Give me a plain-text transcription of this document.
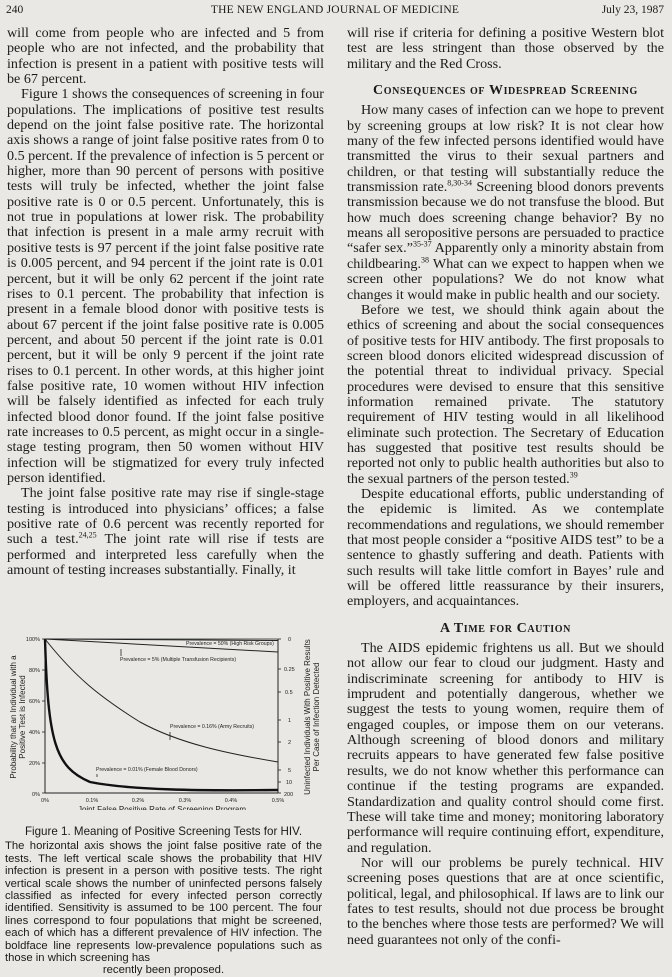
240	THE NEW ENGLAND JOURNAL OF MEDICINE	July 23, 1987

will come from people who are infected and 5 from people who are not infected, and the probability that infection is present in a patient with positive tests will be 67 percent.

Figure 1 shows the consequences of screening in four populations. The implications of positive test results depend on the joint false positive rate. The horizontal axis shows a range of joint false positive rates from 0 to 0.5 percent. If the prevalence of infection is 5 percent or higher, more than 90 percent of persons with positive tests will truly be infected, whether the joint false positive rate is 0 or 0.5 percent. Unfortunately, this is not true in populations at lower risk. The probability that infection is present in a male army recruit with positive tests is 97 percent if the joint false positive rate is 0.005 percent, and 94 percent if the joint rate is 0.01 percent, but it will be only 62 percent if the joint rate rises to 0.1 percent. The probability that infection is present in a female blood donor with positive tests is about 67 percent if the joint false positive rate is 0.005 percent, and about 50 percent if the joint rate is 0.01 percent, but it will be only 9 percent if the joint rate rises to 0.1 percent. In other words, at this higher joint false positive rate, 10 women without HIV infection will be falsely identified as infected for each truly infected blood donor found. If the joint false positive rate increases to 0.5 percent, as might occur in a single-stage testing program, then 50 women without HIV infection will be stigmatized for every truly infected person identified.

The joint false positive rate may rise if single-stage testing is introduced into physicians’ offices; a false positive rate of 0.6 percent was recently reported for such a test.$^{24,25}$ The joint rate will rise if tests are performed and interpreted less carefully when the amount of testing increases substantially. Finally, it

100%
80%
60%
40%
20%
0%
0%	0.1%	0.2%	0.3%	0.4%	0.5%
0
0.25
0.5
1
2
5
10
200
Prevalence = 50% (High Risk Groups)
Prevalence = 5% (Multiple Transfusion Recipients)
Prevalence = 0.16% (Army Recruits)
Prevalence = 0.01% (Female Blood Donors)
Joint False Positive Rate of Screening Program
Probability that an Individual with a Positive Test is Infected	Uninfected Individuals With Positive Results Per Case of Infection Detected
Figure 1. Meaning of Positive Screening Tests for HIV.
The horizontal axis shows the joint false positive rate of the tests. The left vertical scale shows the probability that HIV infection is present in a person with positive tests. The right vertical scale shows the number of uninfected persons falsely classified as infected for every infected person correctly identified. Sensitivity is assumed to be 100 percent. The four lines correspond to four populations that might be screened, each of which has a different prevalence of HIV infection. The boldface line represents low-prevalence populations such as those in which screening has
recently been proposed.

will rise if criteria for defining a positive Western blot test are less stringent than those observed by the military and the Red Cross.

Consequences of Widespread Screening

How many cases of infection can we hope to prevent by screening groups at low risk? It is not clear how many of the few infected persons identified would have transmitted the virus to their sexual partners and children, or that testing will substantially reduce the transmission rate.$^{8,30-34}$ Screening blood donors prevents transmission because we do not transfuse the blood. But how much does screening change behavior? By no means all seropositive persons are persuaded to practice “safer sex.”$^{35-37}$ Apparently only a minority abstain from childbearing.$^{38}$ What can we expect to happen when we screen other populations? We do not know what changes it would make in public health and our society.

Before we test, we should think again about the ethics of screening and about the social consequences of positive tests for HIV antibody. The first proposals to screen blood donors elicited widespread discussion of the potential threat to individual privacy. Special procedures were devised to ensure that this sensitive information remained private. The statutory requirement of HIV testing would in all likelihood eliminate such protection. The Secretary of Education has suggested that positive test results should be reported not only to public health authorities but also to the sexual partners of the person tested.$^{39}$

Despite educational efforts, public understanding of the epidemic is limited. As we contemplate recommendations and regulations, we should remember that most people consider a “positive AIDS test” to be a sentence to ghastly suffering and death. Patients with such results will take little comfort in Bayes’ rule and will be offered little reassurance by their insurers, employers, and acquaintances.

A Time for Caution

The AIDS epidemic frightens us all. But we should not allow our fear to cloud our judgment. Hasty and indiscriminate screening for antibody to HIV is imprudent and potentially dangerous, whether we suggest the tests to young women, require them of engaged couples, or impose them on our veterans. Although screening of blood donors and military recruits appears to have generated few false positive results, we do not know whether this performance can continue if the testing programs are expanded. Standardization and quality control should come first. These will take time and money; monitoring laboratory performance will require continuing effort, expenditure, and regulation.

Nor will our problems be purely technical. HIV screening poses questions that are at once scientific, political, legal, and philosophical. If laws are to link our fates to test results, should not due process be brought to the benches where those tests are performed? We will need guarantees not only of the confi-
